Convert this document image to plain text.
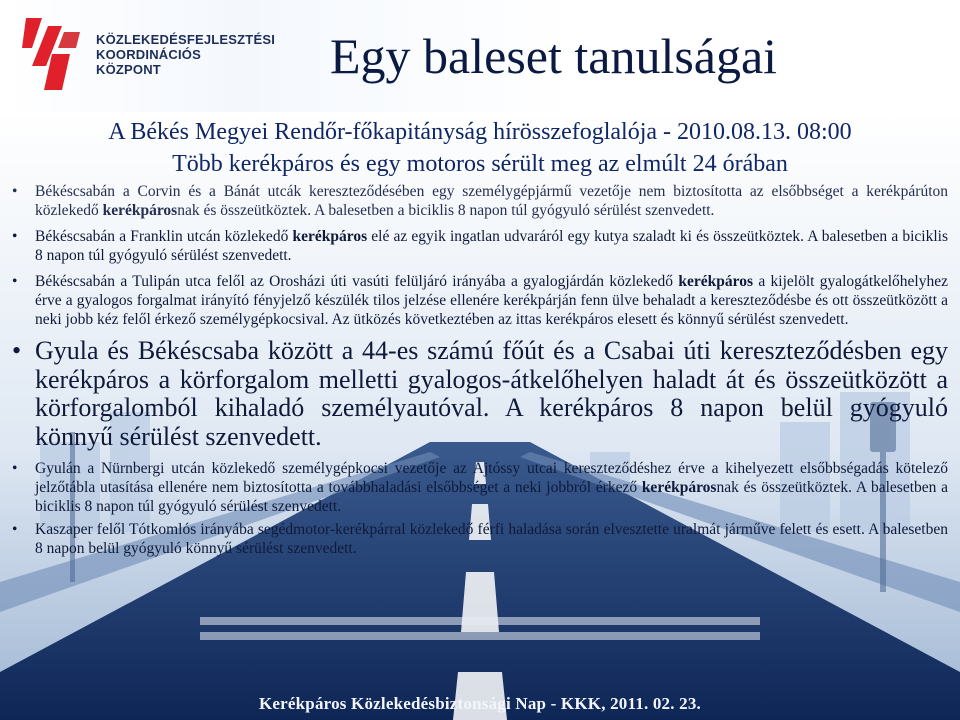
KÖZLEKEDÉSFEJLESZTÉSI
KOORDINÁCIÓS
KÖZPONT	Egy baleset tanulságai
A Békés Megyei Rendőr-főkapitányság hírösszefoglalója - 2010.08.13. 08:00
Több kerékpáros és egy motoros sérült meg az elmúlt 24 órában
• Békéscsabán a Corvin és a Bánát utcák kereszteződésében egy személygépjármű vezetője nem biztosította az elsőbbséget a kerékpárúton közlekedő kerékpárosnak és összeütköztek. A balesetben a biciklis 8 napon túl gyógyuló sérülést szenvedett.
• Békéscsabán a Franklin utcán közlekedő kerékpáros elé az egyik ingatlan udvaráról egy kutya szaladt ki és összeütköztek. A balesetben a biciklis 8 napon túl gyógyuló sérülést szenvedett.
• Békéscsabán a Tulipán utca felől az Orosházi úti vasúti felüljáró irányába a gyalogjárdán közlekedő kerékpáros a kijelölt gyalogátkelőhelyhez érve a gyalogos forgalmat irányító fényjelző készülék tilos jelzése ellenére kerékpárján fenn ülve behaladt a kereszteződésbe és ott összeütközött a neki jobb kéz felől érkező személygépkocsival. Az ütközés következtében az ittas kerékpáros elesett és könnyű sérülést szenvedett.
• Gyula és Békéscsaba között a 44-es számú főút és a Csabai úti kereszteződésben egy kerékpáros a körforgalom melletti gyalogos-átkelőhelyen haladt át és összeütközött a körforgalomból kihaladó személyautóval. A kerékpáros 8 napon belül gyógyuló könnyű sérülést szenvedett.
• Gyulán a Nürnbergi utcán közlekedő személygépkocsi vezetője az Ajtóssy utcai kereszteződéshez érve a kihelyezett elsőbbségadás kötelező jelzőtábla utasítása ellenére nem biztosította a továbbhaladási elsőbbséget a neki jobbról érkező kerékpárosnak és összeütköztek. A balesetben a biciklis 8 napon túl gyógyuló sérülést szenvedett.
• Kaszaper felől Tótkomlós irányába segédmotor-kerékpárral közlekedő férfi haladása során elvesztette uralmát járműve felett és esett. A balesetben 8 napon belül gyógyuló könnyű sérülést szenvedett.
Kerékpáros Közlekedésbiztonsági Nap - KKK, 2011. 02. 23.
